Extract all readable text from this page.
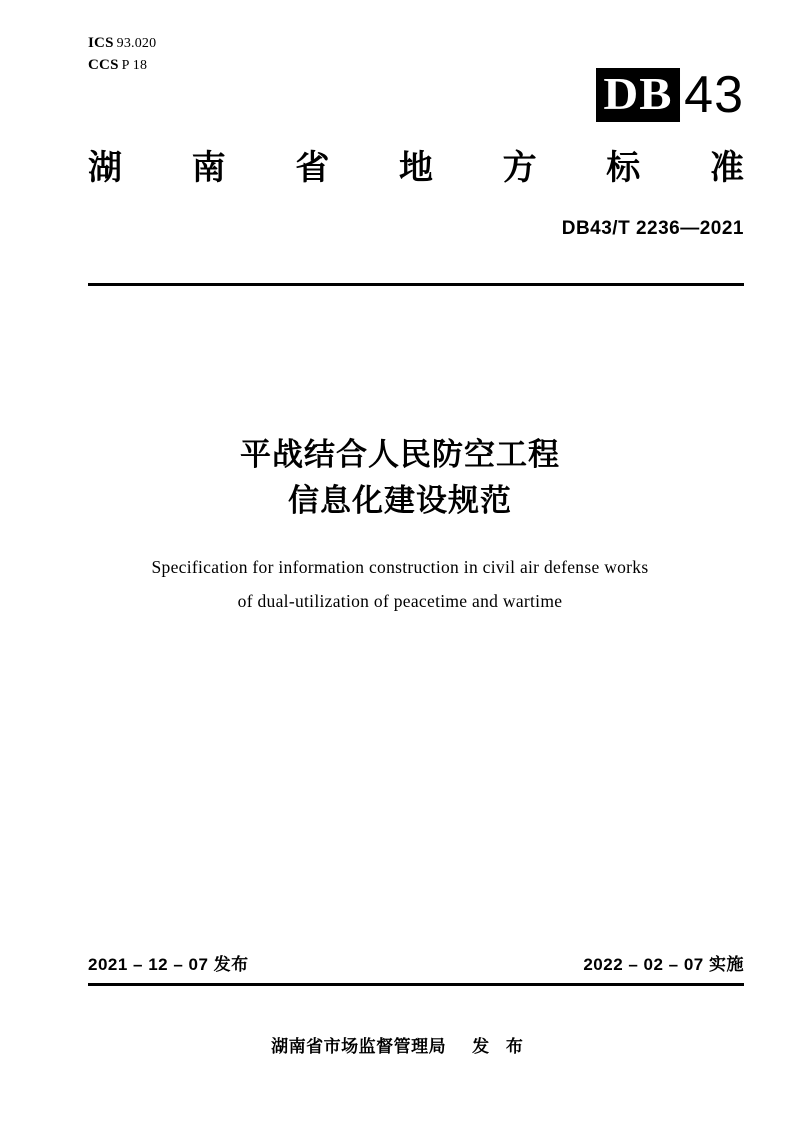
ICS 93.020
CCS P 18
DB 43
湖 南 省 地 方 标 准
DB43/T 2236—2021
平战结合人民防空工程
信息化建设规范
Specification for information construction in civil air defense works
of dual-utilization of peacetime and wartime
2021 – 12 – 07 发布	2022 – 02 – 07 实施
湖南省市场监督管理局 发 布
